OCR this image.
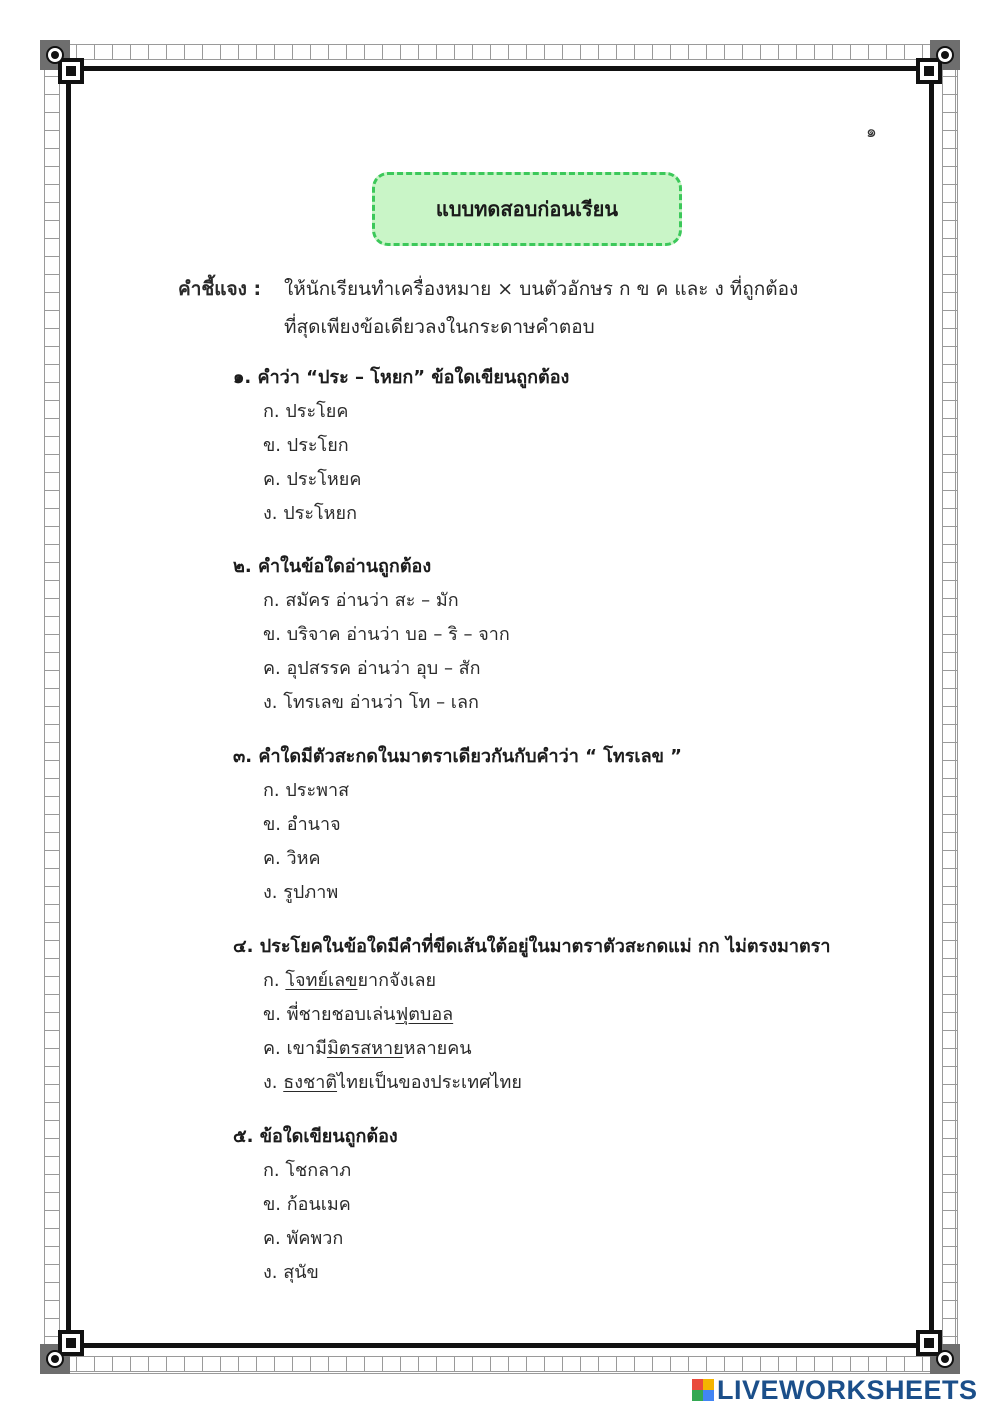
๑
แบบทดสอบก่อนเรียน
คำชี้แจง : ให้นักเรียนทำเครื่องหมาย × บนตัวอักษร ก ข ค และ ง ที่ถูกต้อง
ที่สุดเพียงข้อเดียวลงในกระดาษคำตอบ
๑. คำว่า “ประ – โหยก” ข้อใดเขียนถูกต้อง
ก. ประโยค
ข. ประโยก
ค. ประโหยค
ง. ประโหยก
๒. คำในข้อใดอ่านถูกต้อง
ก. สมัคร อ่านว่า สะ – มัก
ข. บริจาค อ่านว่า บอ – ริ – จาก
ค. อุปสรรค อ่านว่า อุบ – สัก
ง. โทรเลข อ่านว่า โท – เลก
๓. คำใดมีตัวสะกดในมาตราเดียวกันกับคำว่า “ โทรเลข ”
ก. ประพาส
ข. อำนาจ
ค. วิหค
ง. รูปภาพ
๔. ประโยคในข้อใดมีคำที่ขีดเส้นใต้อยู่ในมาตราตัวสะกดแม่ กก ไม่ตรงมาตรา
ก. โจทย์เลขยากจังเลย
ข. พี่ชายชอบเล่นฟุตบอล
ค. เขามีมิตรสหายหลายคน
ง. ธงชาติไทยเป็นของประเทศไทย
๕. ข้อใดเขียนถูกต้อง
ก. โชกลาภ
ข. ก้อนเมค
ค. พัคพวก
ง. สุนัข
LIVEWORKSHEETS
